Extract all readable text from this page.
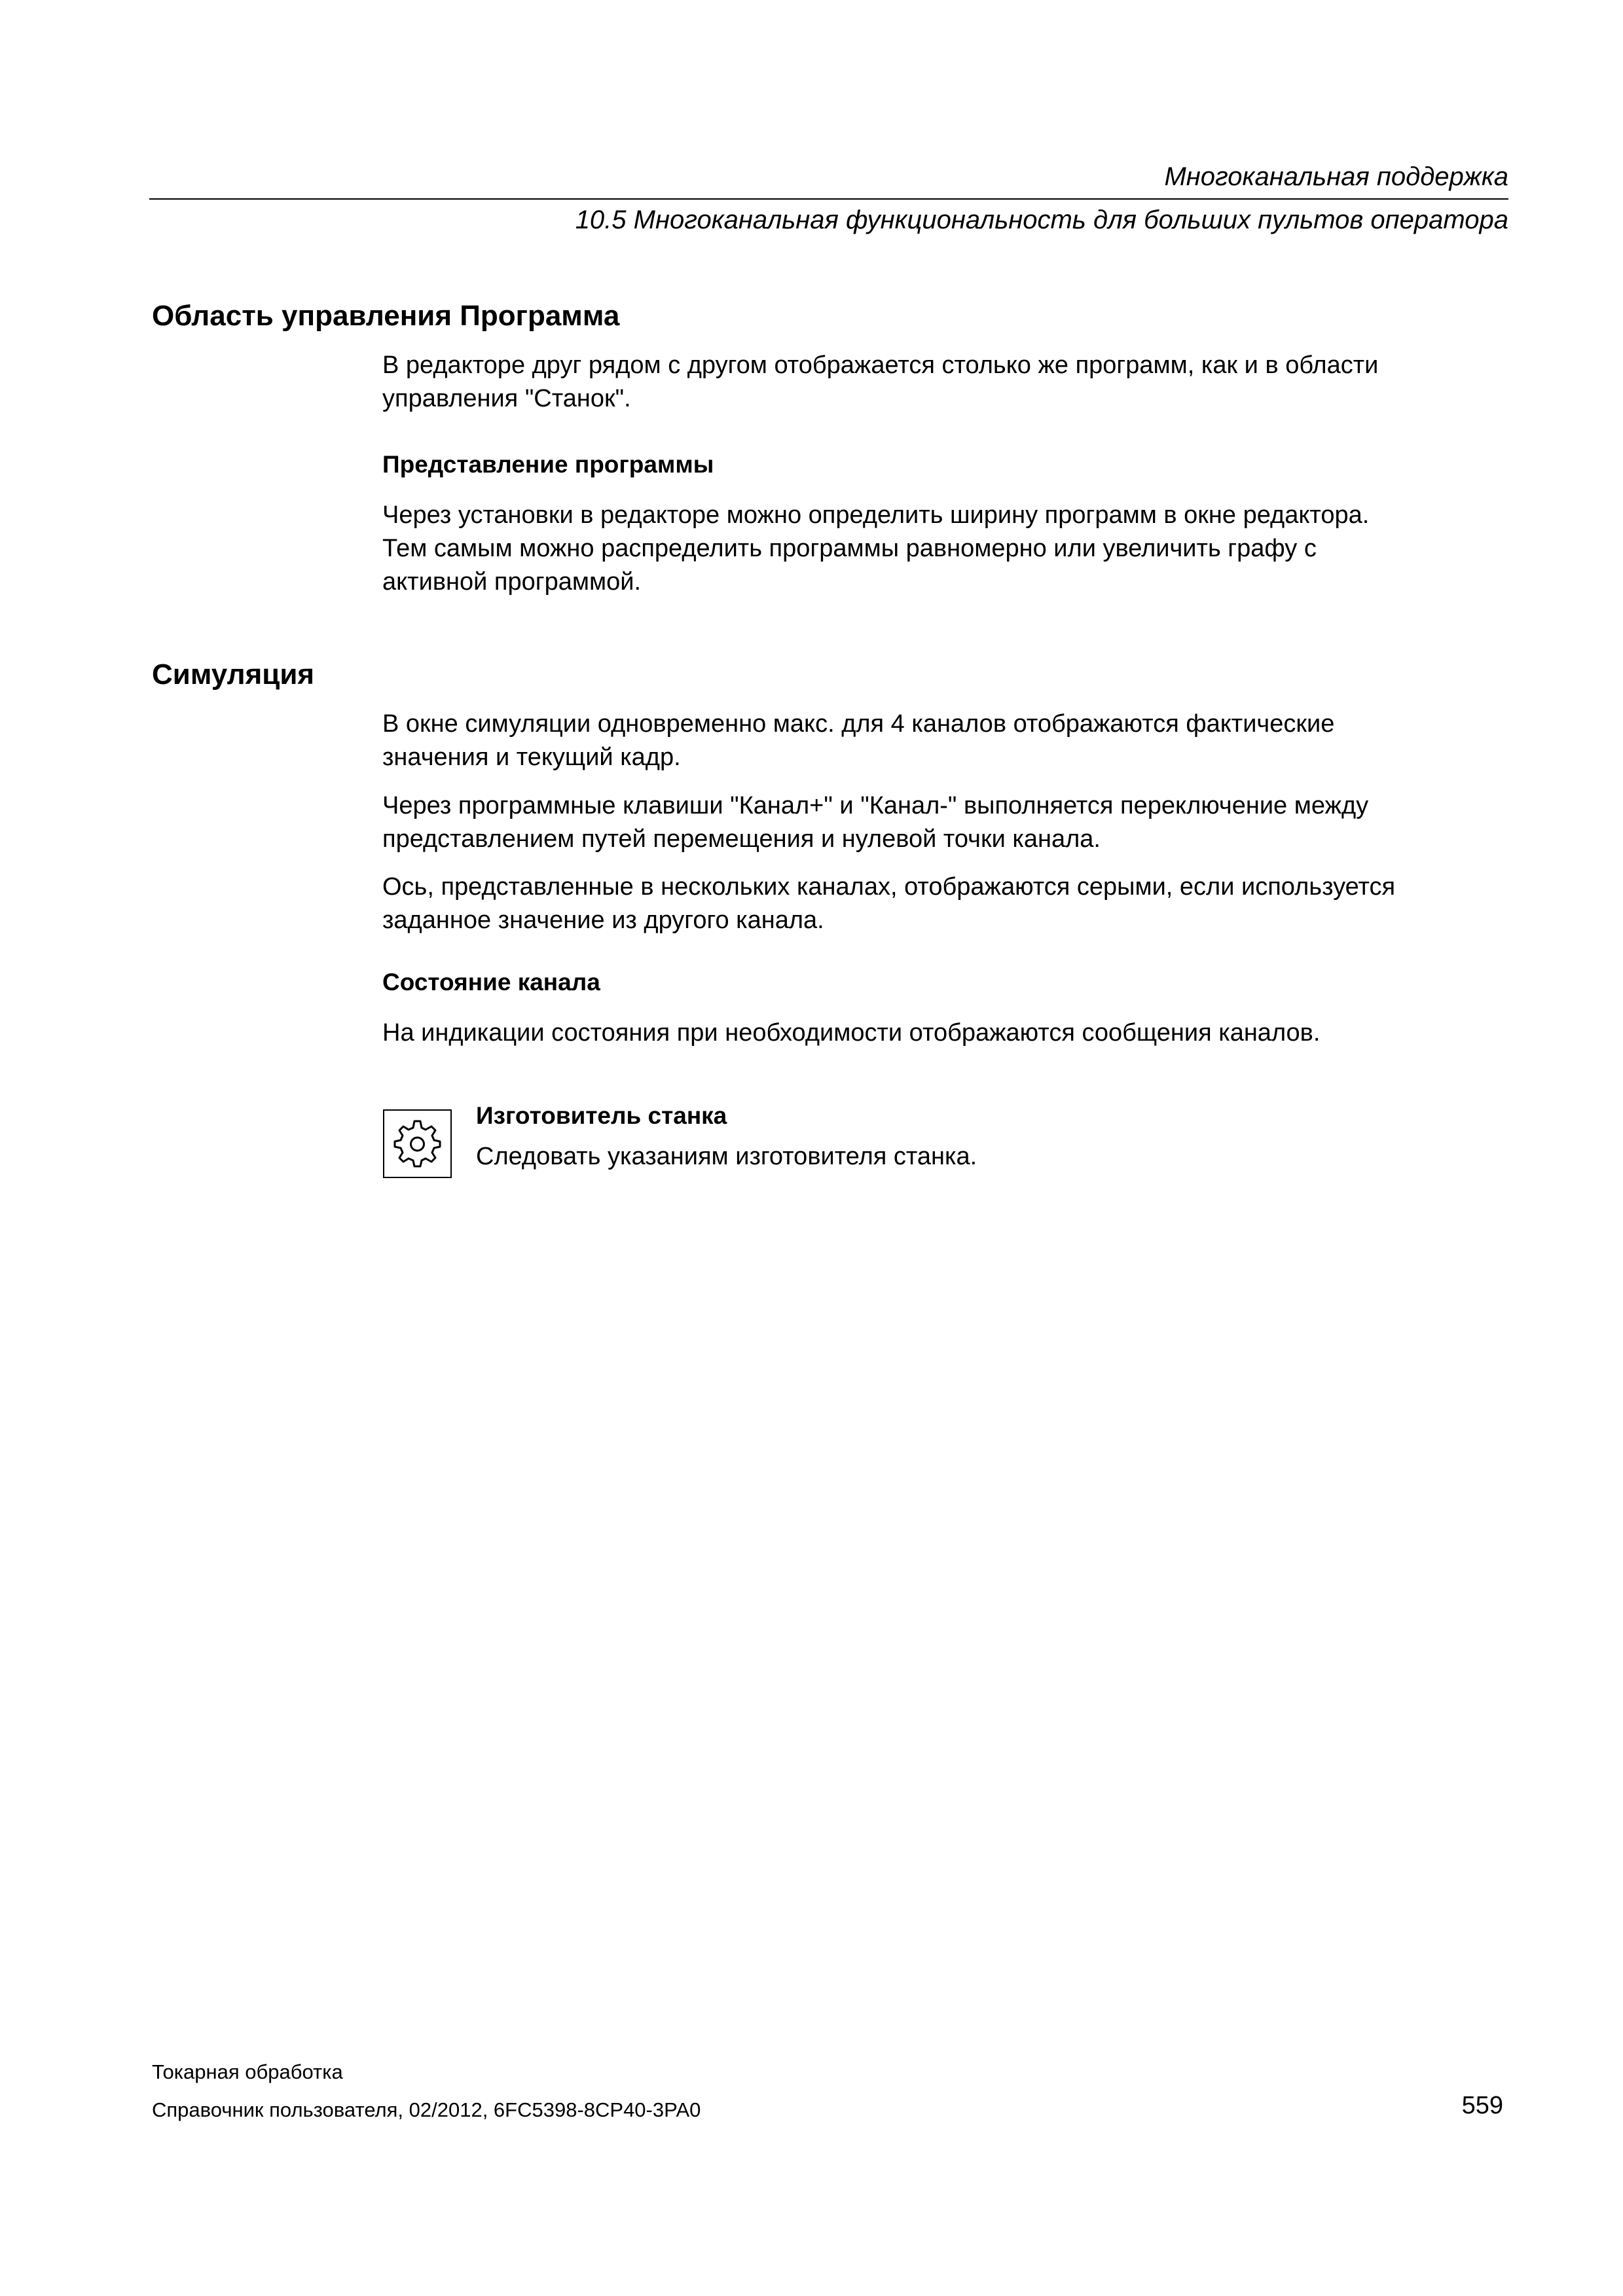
Многоканальная поддержка
10.5 Многоканальная функциональность для больших пультов оператора
Область управления Программа
В редакторе друг рядом с другом отображается столько же программ, как и в области
управления "Станок".
Представление программы
Через установки в редакторе можно определить ширину программ в окне редактора.
Тем самым можно распределить программы равномерно или увеличить графу с
активной программой.
Симуляция
В окне симуляции одновременно макс. для 4 каналов отображаются фактические
значения и текущий кадр.
Через программные клавиши "Канал+" и "Канал-" выполняется переключение между
представлением путей перемещения и нулевой точки канала.
Ось, представленные в нескольких каналах, отображаются серыми, если используется
заданное значение из другого канала.
Состояние канала
На индикации состояния при необходимости отображаются сообщения каналов.
Изготовитель станка
Следовать указаниям изготовителя станка.
Токарная обработка
Справочник пользователя, 02/2012, 6FC5398-8CP40-3PA0	559
